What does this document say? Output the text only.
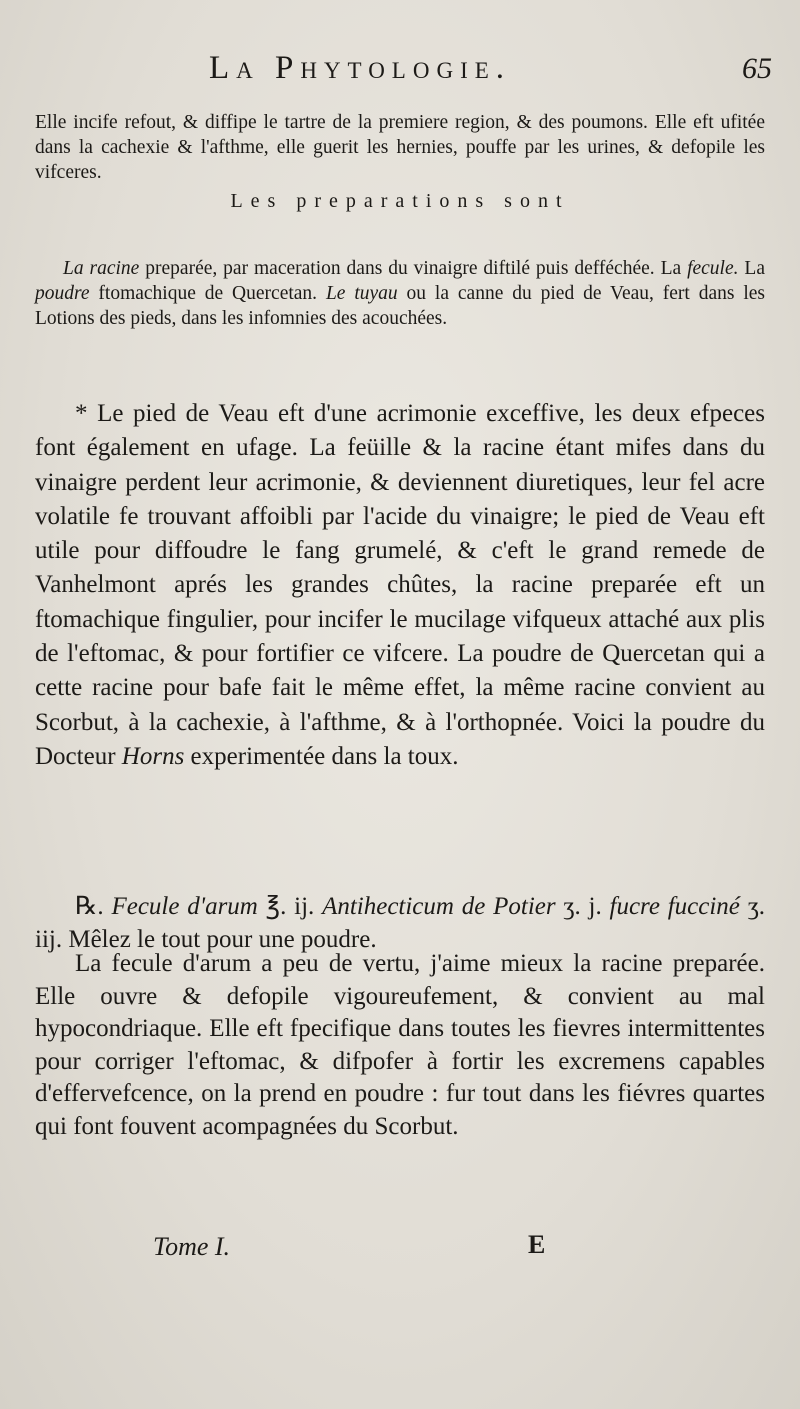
La Phytologie.	65

Elle incife refout, & diffipe le tartre de la premiere region, & des poumons. Elle eft ufitée dans la cachexie & l'afthme, elle guerit les hernies, pouffe par les urines, & defopile les vifceres.

Les preparations sont

La racine preparée, par maceration dans du vinaigre diftilé puis defféchée. La fecule. La poudre ftomachique de Quercetan. Le tuyau ou la canne du pied de Veau, fert dans les Lotions des pieds, dans les infomnies des acouchées.

* Le pied de Veau eft d'une acrimonie exceffive, les deux efpeces font également en ufage. La feüille & la racine étant mifes dans du vinaigre perdent leur acrimonie, & deviennent diuretiques, leur fel acre volatile fe trouvant affoibli par l'acide du vinaigre; le pied de Veau eft utile pour diffoudre le fang grumelé, & c'eft le grand remede de Vanhelmont aprés les grandes chûtes, la racine preparée eft un ftomachique fingulier, pour incifer le mucilage vifqueux attaché aux plis de l'eftomac, & pour fortifier ce vifcere. La poudre de Quercetan qui a cette racine pour bafe fait le même effet, la même racine convient au Scorbut, à la cachexie, à l'afthme, & à l'orthopnée. Voici la poudre du Docteur Horns experimentée dans la toux.

℞. Fecule d'arum ℥. ij. Antihecticum de Potier ʒ. j. fucre fucciné ʒ. iij. Mêlez le tout pour une poudre.

La fecule d'arum a peu de vertu, j'aime mieux la racine preparée. Elle ouvre & defopile vigoureufement, & convient au mal hypocondriaque. Elle eft fpecifique dans toutes les fievres intermittentes pour corriger l'eftomac, & difpofer à fortir les excremens capables d'effervefcence, on la prend en poudre : fur tout dans les fiévres quartes qui font fouvent acompagnées du Scorbut.

Tome I.	E
